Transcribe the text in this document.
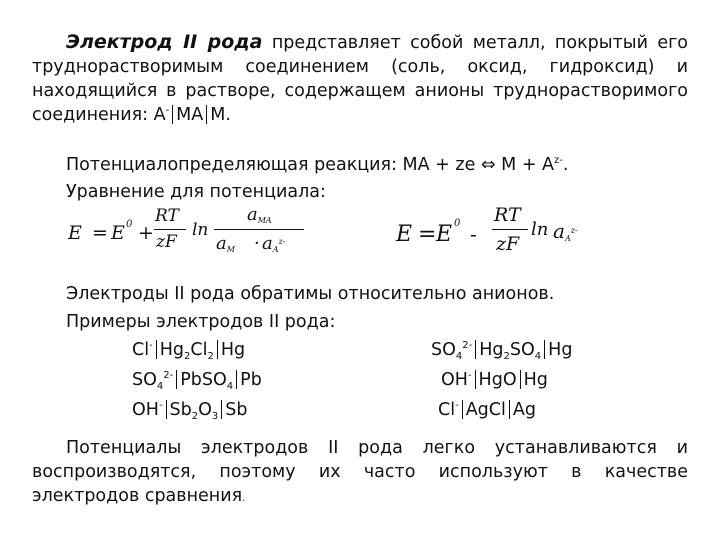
Электрод II рода представляет собой металл, покрытый его труднорастворимым соединением (соль, оксид, гидроксид) и находящийся в растворе, содержащем анионы труднорастворимого соединения: A- MA M.
Потенциалопределяющая реакция: MA + ze ⇔ $M + A^{z-}$.
Уравнение для потенциала:
E = E 0 +
RT
zF
ln
aMA
aM · $aA^{z-}$	E = E 0 -
RT
zF
$\ln aA^{z-}$
Электроды II рода обратимы относительно анионов.
Примеры электродов II рода:
Cl- $Hg_2Cl_2$ Hg
$SO_4^{2-}$ PbSO$_4$ Pb
OH- $Sb_2O_3$ Sb
$SO_4^{2-}$ $Hg_2SO_4$ Hg
OH- HgO Hg
Cl- AgCl Ag
Потенциалы электродов II рода легко устанавливаются и воспроизводятся, поэтому их часто используют в качестве электродов сравнения.
